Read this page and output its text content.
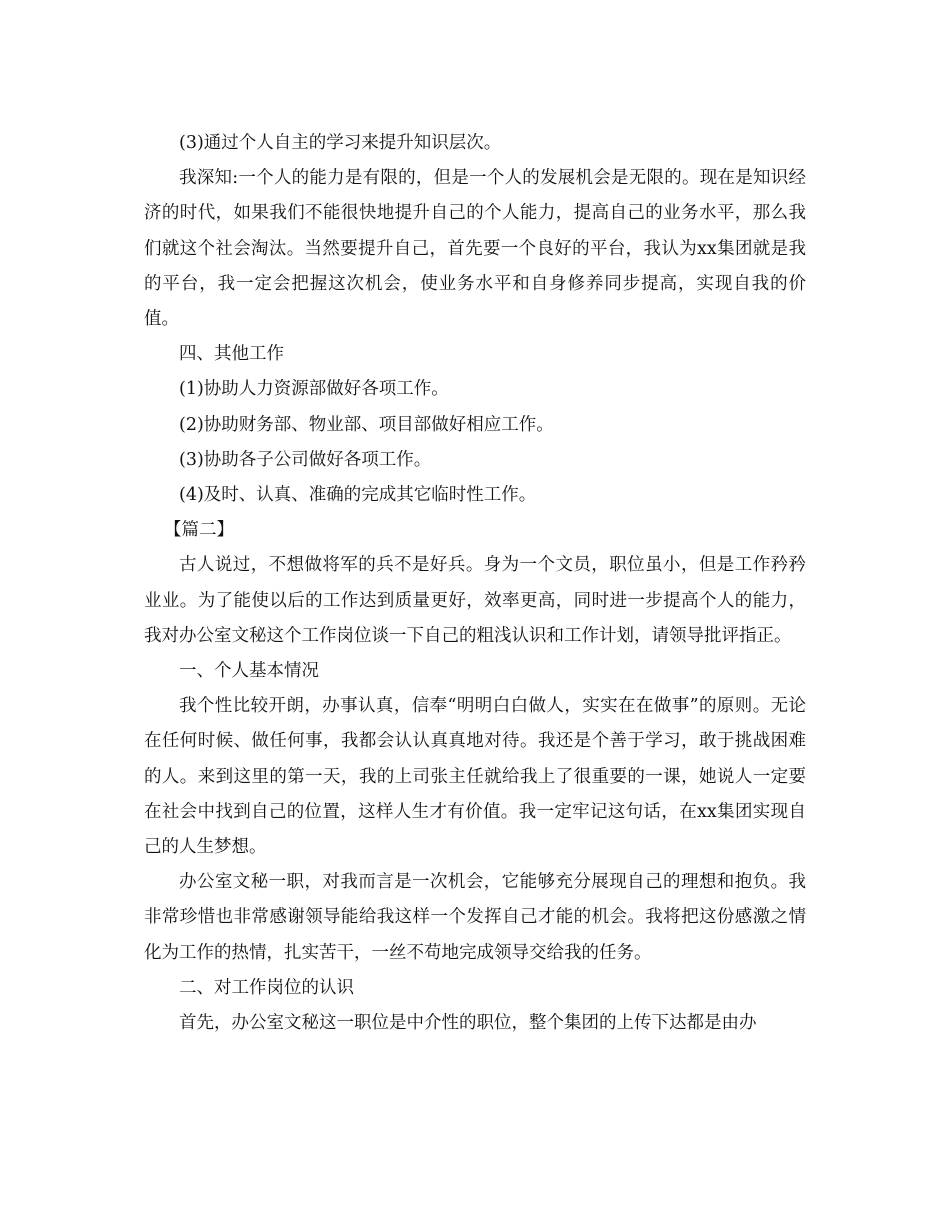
(3)通过个人自主的学习来提升知识层次。

我深知:一个人的能力是有限的，但是一个人的发展机会是无限的。现在是知识经济的时代，如果我们不能很快地提升自己的个人能力，提高自己的业务水平，那么我们就这个社会淘汰。当然要提升自己，首先要一个良好的平台，我认为xx集团就是我的平台，我一定会把握这次机会，使业务水平和自身修养同步提高，实现自我的价值。

四、其他工作

(1)协助人力资源部做好各项工作。

(2)协助财务部、物业部、项目部做好相应工作。

(3)协助各子公司做好各项工作。

(4)及时、认真、准确的完成其它临时性工作。

【篇二】

古人说过，不想做将军的兵不是好兵。身为一个文员，职位虽小，但是工作矜矜业业。为了能使以后的工作达到质量更好，效率更高，同时进一步提高个人的能力，我对办公室文秘这个工作岗位谈一下自己的粗浅认识和工作计划，请领导批评指正。

一、个人基本情况

我个性比较开朗，办事认真，信奉“明明白白做人，实实在在做事”的原则。无论在任何时候、做任何事，我都会认认真真地对待。我还是个善于学习，敢于挑战困难的人。来到这里的第一天，我的上司张主任就给我上了很重要的一课，她说人一定要在社会中找到自己的位置，这样人生才有价值。我一定牢记这句话，在xx集团实现自己的人生梦想。

办公室文秘一职，对我而言是一次机会，它能够充分展现自己的理想和抱负。我非常珍惜也非常感谢领导能给我这样一个发挥自己才能的机会。我将把这份感激之情化为工作的热情，扎实苦干，一丝不苟地完成领导交给我的任务。

二、对工作岗位的认识

首先，办公室文秘这一职位是中介性的职位，整个集团的上传下达都是由办
